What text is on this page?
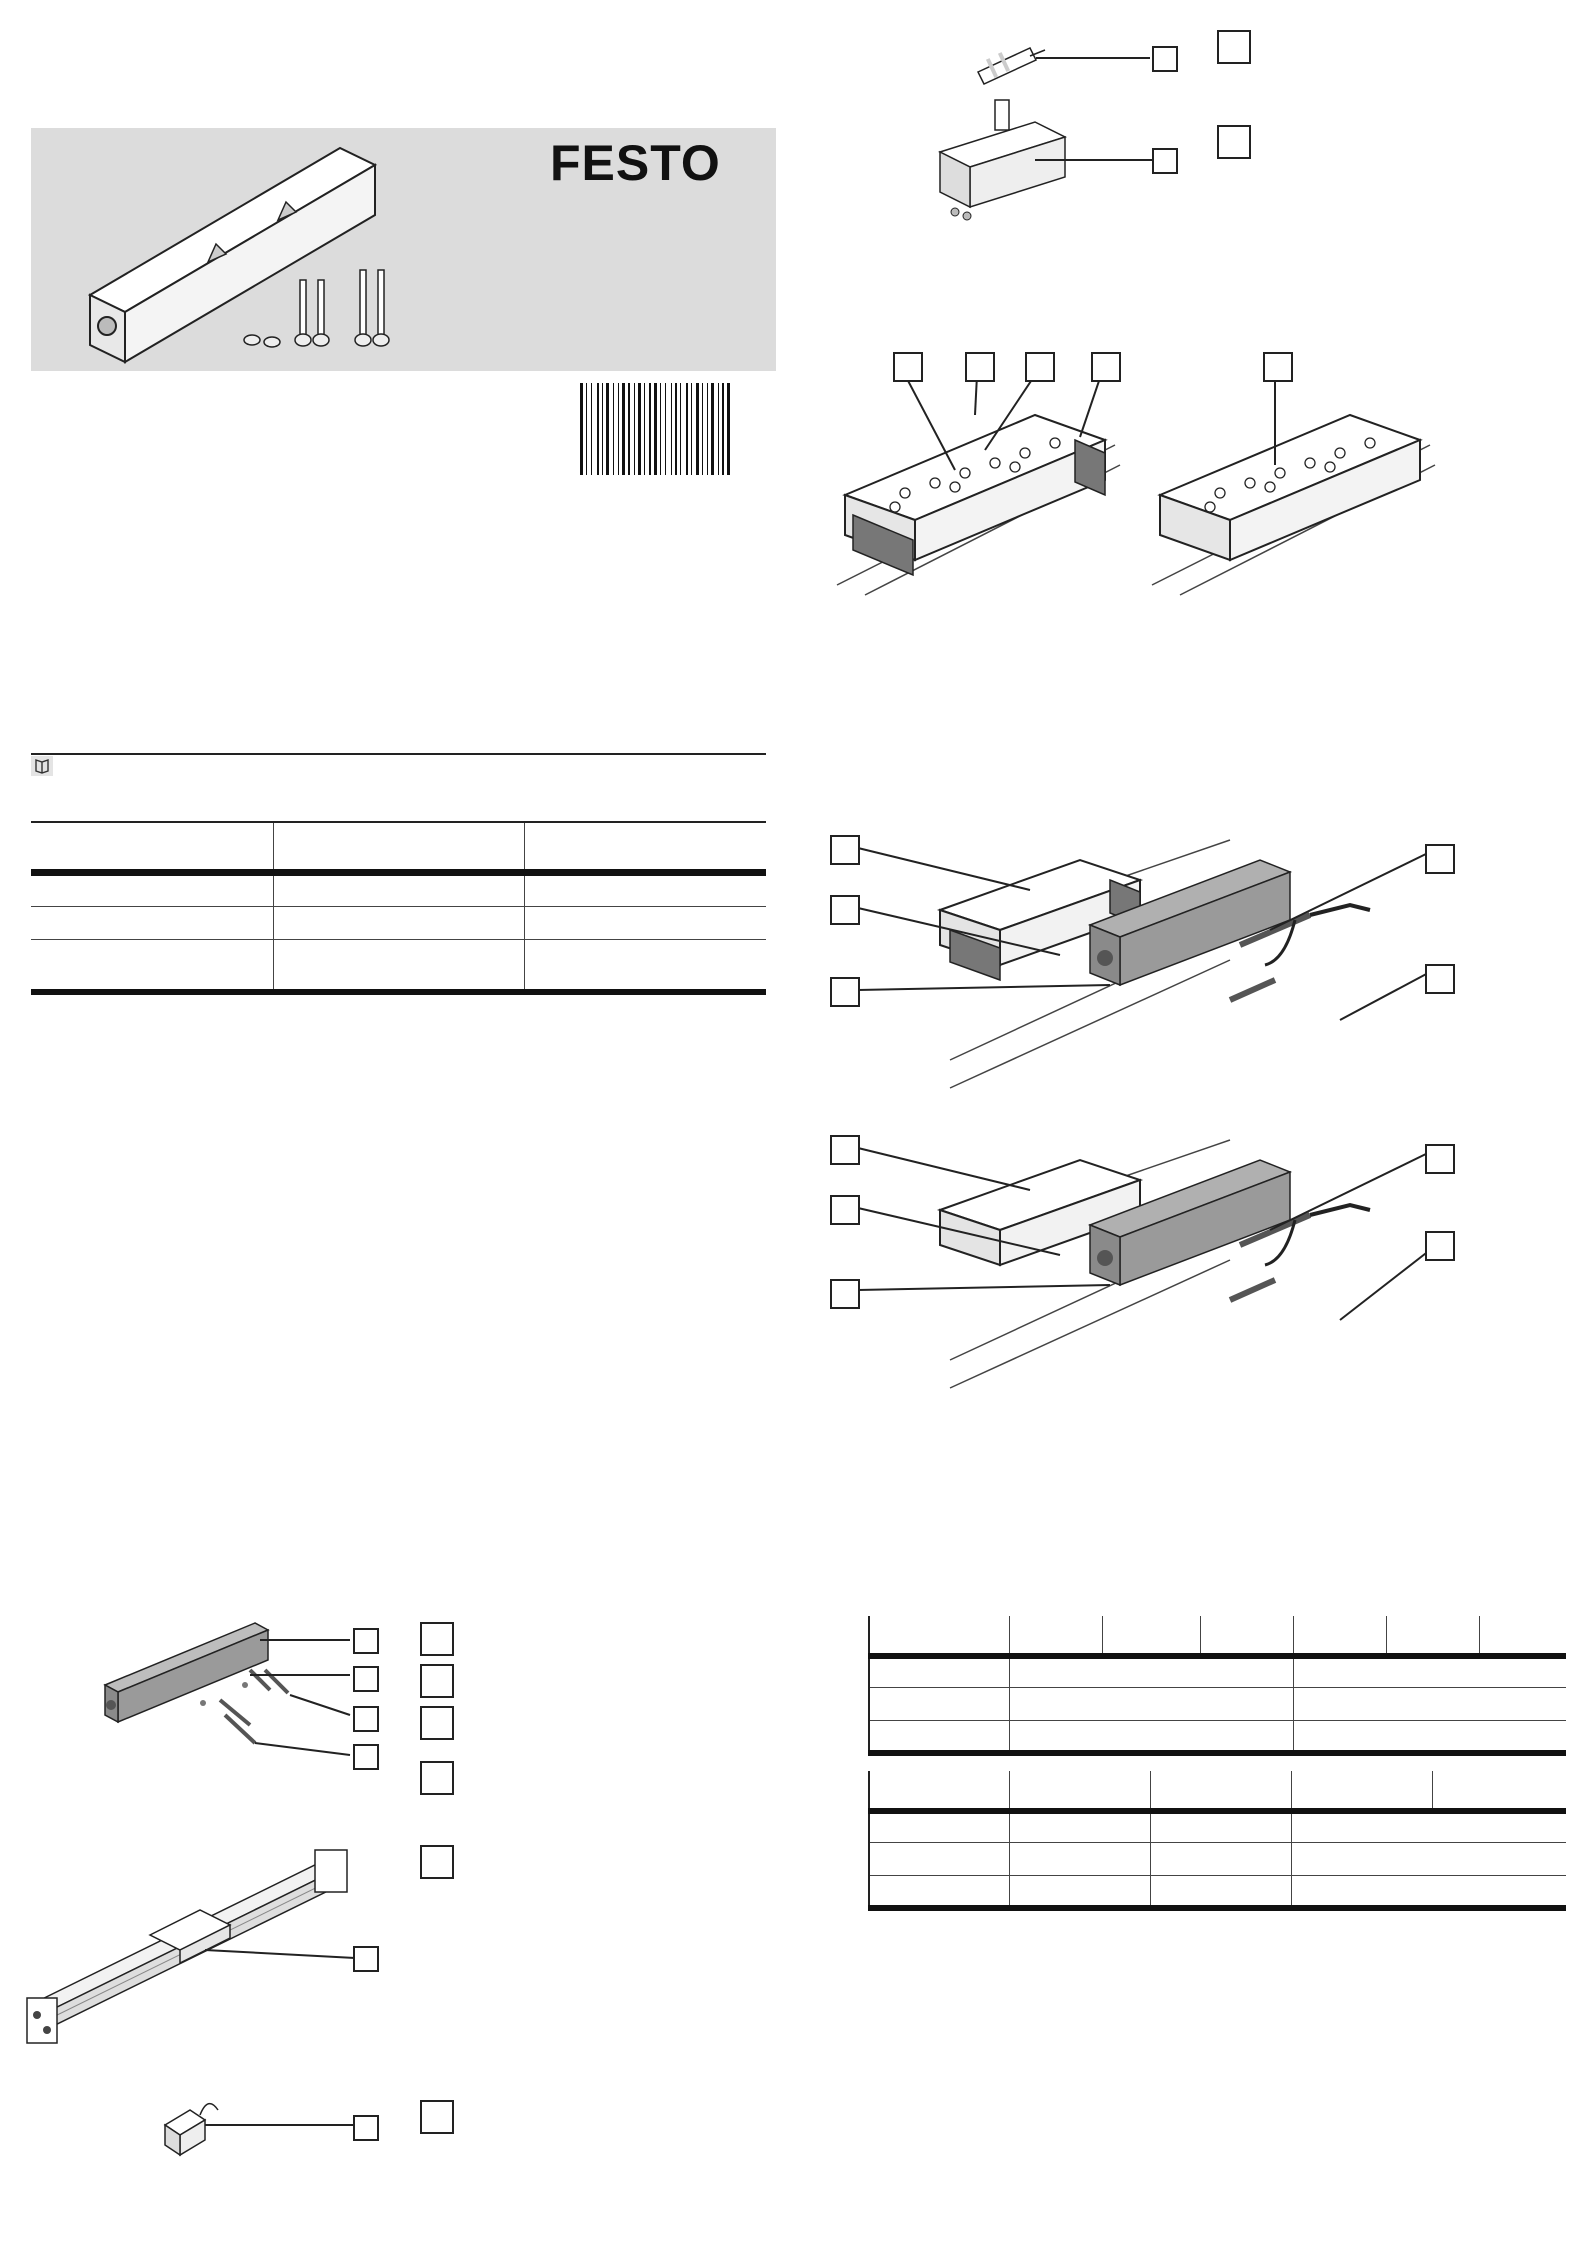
FESTO
